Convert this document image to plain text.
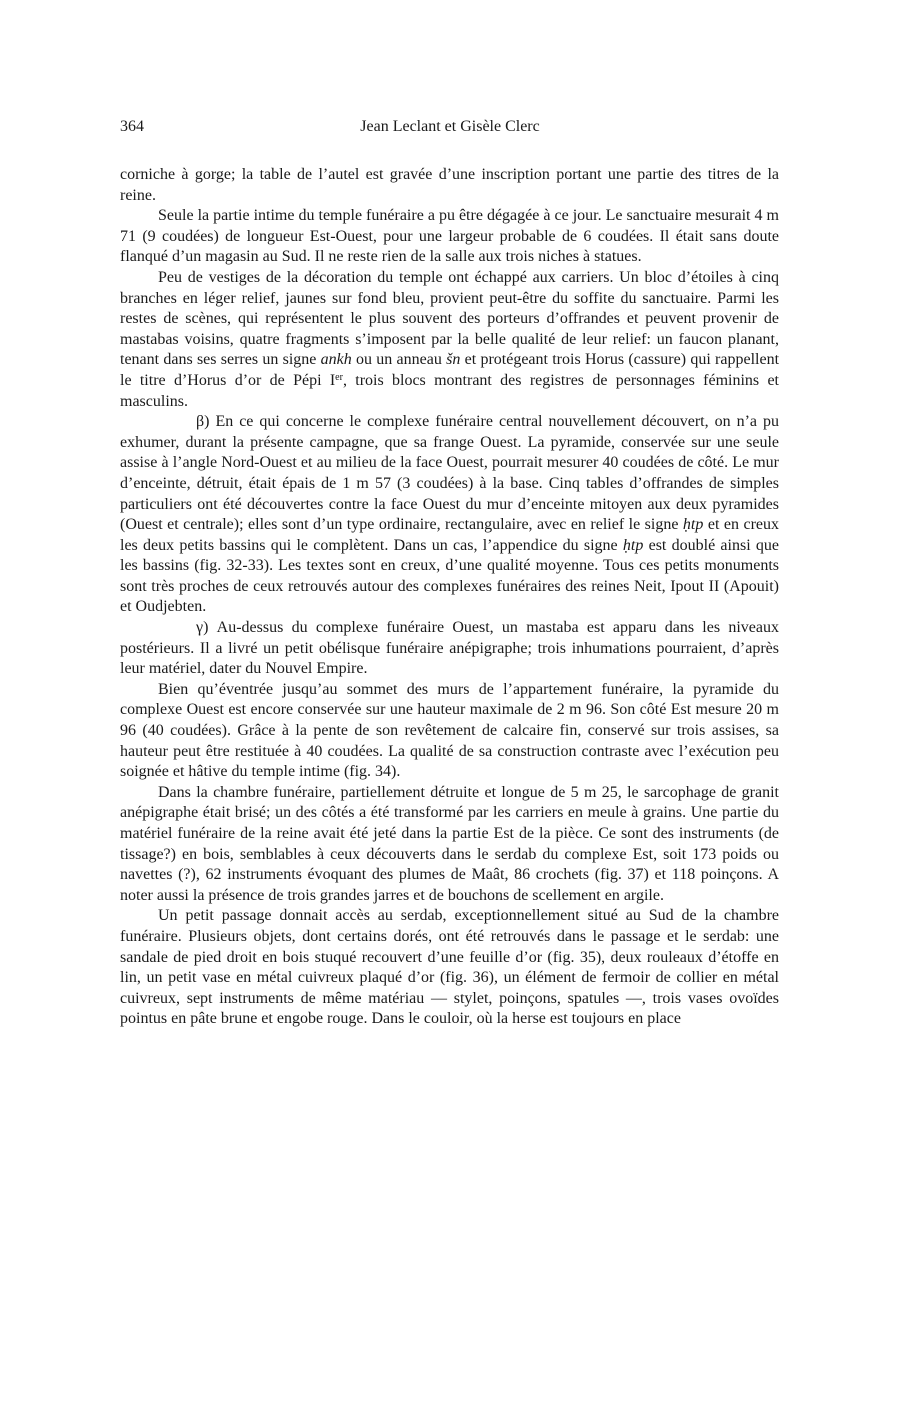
364	Jean Leclant et Gisèle Clerc

corniche à gorge; la table de l’autel est gravée d’une inscription portant une partie des titres de la reine.

Seule la partie intime du temple funéraire a pu être dégagée à ce jour. Le sanctuaire mesurait 4 m 71 (9 coudées) de longueur Est-Ouest, pour une largeur probable de 6 coudées. Il était sans doute flanqué d’un magasin au Sud. Il ne reste rien de la salle aux trois niches à statues.

Peu de vestiges de la décoration du temple ont échappé aux carriers. Un bloc d’étoiles à cinq branches en léger relief, jaunes sur fond bleu, provient peut-être du soffite du sanctuaire. Parmi les restes de scènes, qui représentent le plus souvent des porteurs d’offrandes et peuvent provenir de mastabas voisins, quatre fragments s’imposent par la belle qualité de leur relief: un faucon planant, tenant dans ses serres un signe ankh ou un anneau šn et protégeant trois Horus (cassure) qui rappellent le titre d’Horus d’or de Pépi Ier, trois blocs montrant des registres de personnages féminins et masculins.

β) En ce qui concerne le complexe funéraire central nouvellement découvert, on n’a pu exhumer, durant la présente campagne, que sa frange Ouest. La pyramide, conservée sur une seule assise à l’angle Nord-Ouest et au milieu de la face Ouest, pourrait mesurer 40 coudées de côté. Le mur d’enceinte, détruit, était épais de 1 m 57 (3 coudées) à la base. Cinq tables d’offrandes de simples particuliers ont été découvertes contre la face Ouest du mur d’enceinte mitoyen aux deux pyramides (Ouest et centrale); elles sont d’un type ordinaire, rectangulaire, avec en relief le signe ḥtp et en creux les deux petits bassins qui le complètent. Dans un cas, l’appendice du signe ḥtp est doublé ainsi que les bassins (fig. 32-33). Les textes sont en creux, d’une qualité moyenne. Tous ces petits monuments sont très proches de ceux retrouvés autour des complexes funéraires des reines Neit, Ipout II (Apouit) et Oudjebten.

γ) Au-dessus du complexe funéraire Ouest, un mastaba est apparu dans les niveaux postérieurs. Il a livré un petit obélisque funéraire anépigraphe; trois inhumations pourraient, d’après leur matériel, dater du Nouvel Empire.

Bien qu’éventrée jusqu’au sommet des murs de l’appartement funéraire, la pyramide du complexe Ouest est encore conservée sur une hauteur maximale de 2 m 96. Son côté Est mesure 20 m 96 (40 coudées). Grâce à la pente de son revêtement de calcaire fin, conservé sur trois assises, sa hauteur peut être restituée à 40 coudées. La qualité de sa construction contraste avec l’exécution peu soignée et hâtive du temple intime (fig. 34).

Dans la chambre funéraire, partiellement détruite et longue de 5 m 25, le sarcophage de granit anépigraphe était brisé; un des côtés a été transformé par les carriers en meule à grains. Une partie du matériel funéraire de la reine avait été jeté dans la partie Est de la pièce. Ce sont des instruments (de tissage?) en bois, semblables à ceux découverts dans le serdab du complexe Est, soit 173 poids ou navettes (?), 62 instruments évoquant des plumes de Maât, 86 crochets (fig. 37) et 118 poinçons. A noter aussi la présence de trois grandes jarres et de bouchons de scellement en argile.

Un petit passage donnait accès au serdab, exceptionnellement situé au Sud de la chambre funéraire. Plusieurs objets, dont certains dorés, ont été retrouvés dans le passage et le serdab: une sandale de pied droit en bois stuqué recouvert d’une feuille d’or (fig. 35), deux rouleaux d’étoffe en lin, un petit vase en métal cuivreux plaqué d’or (fig. 36), un élément de fermoir de collier en métal cuivreux, sept instruments de même matériau — stylet, poinçons, spatules —, trois vases ovoïdes pointus en pâte brune et engobe rouge. Dans le couloir, où la herse est toujours en place
